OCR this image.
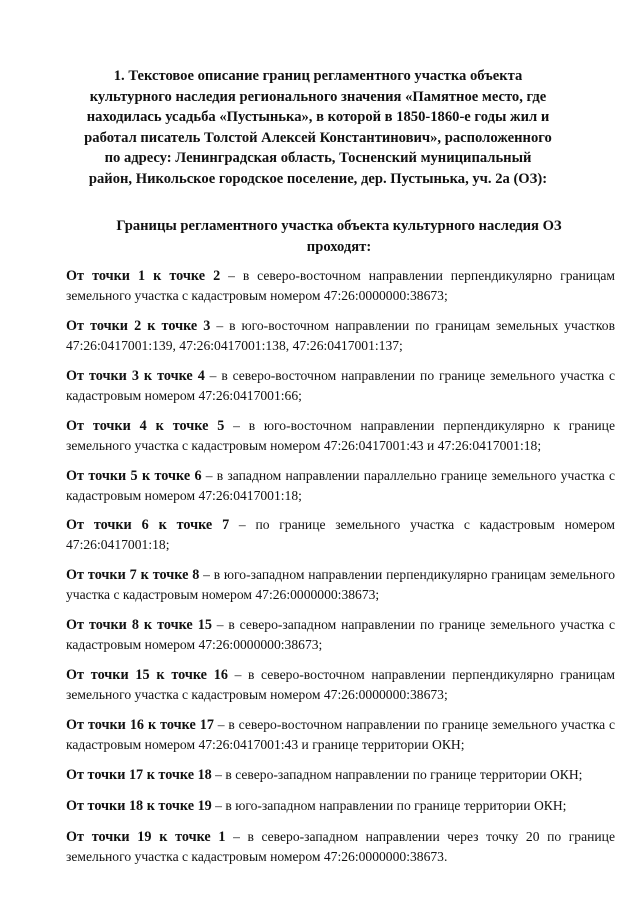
1. Текстовое описание границ регламентного участка объекта культурного наследия регионального значения «Памятное место, где находилась усадьба «Пустынька», в которой в 1850-1860-е годы жил и работал писатель Толстой Алексей Константинович», расположенного по адресу: Ленинградская область, Тосненский муниципальный район, Никольское городское поселение, дер. Пустынька, уч. 2а (ОЗ):
Границы регламентного участка объекта культурного наследия ОЗ проходят:

От точки 1 к точке 2 – в северо-восточном направлении перпендикулярно границам земельного участка с кадастровым номером 47:26:0000000:38673;

От точки 2 к точке 3 – в юго-восточном направлении по границам земельных участков 47:26:0417001:139, 47:26:0417001:138, 47:26:0417001:137;

От точки 3 к точке 4 – в северо-восточном направлении по границе земельного участка с кадастровым номером 47:26:0417001:66;

От точки 4 к точке 5 – в юго-восточном направлении перпендикулярно к границе земельного участка с кадастровым номером 47:26:0417001:43 и 47:26:0417001:18;

От точки 5 к точке 6 – в западном направлении параллельно границе земельного участка с кадастровым номером 47:26:0417001:18;

От точки 6 к точке 7 – по границе земельного участка с кадастровым номером 47:26:0417001:18;

От точки 7 к точке 8 – в юго-западном направлении перпендикулярно границам земельного участка с кадастровым номером 47:26:0000000:38673;

От точки 8 к точке 15 – в северо-западном направлении по границе земельного участка с кадастровым номером 47:26:0000000:38673;

От точки 15 к точке 16 – в северо-восточном направлении перпендикулярно границам земельного участка с кадастровым номером 47:26:0000000:38673;

От точки 16 к точке 17 – в северо-восточном направлении по границе земельного участка с кадастровым номером 47:26:0417001:43 и границе территории ОКН;

От точки 17 к точке 18 – в северо-западном направлении по границе территории ОКН;

От точки 18 к точке 19 – в юго-западном направлении по границе территории ОКН;

От точки 19 к точке 1 – в северо-западном направлении через точку 20 по границе земельного участка с кадастровым номером 47:26:0000000:38673.
